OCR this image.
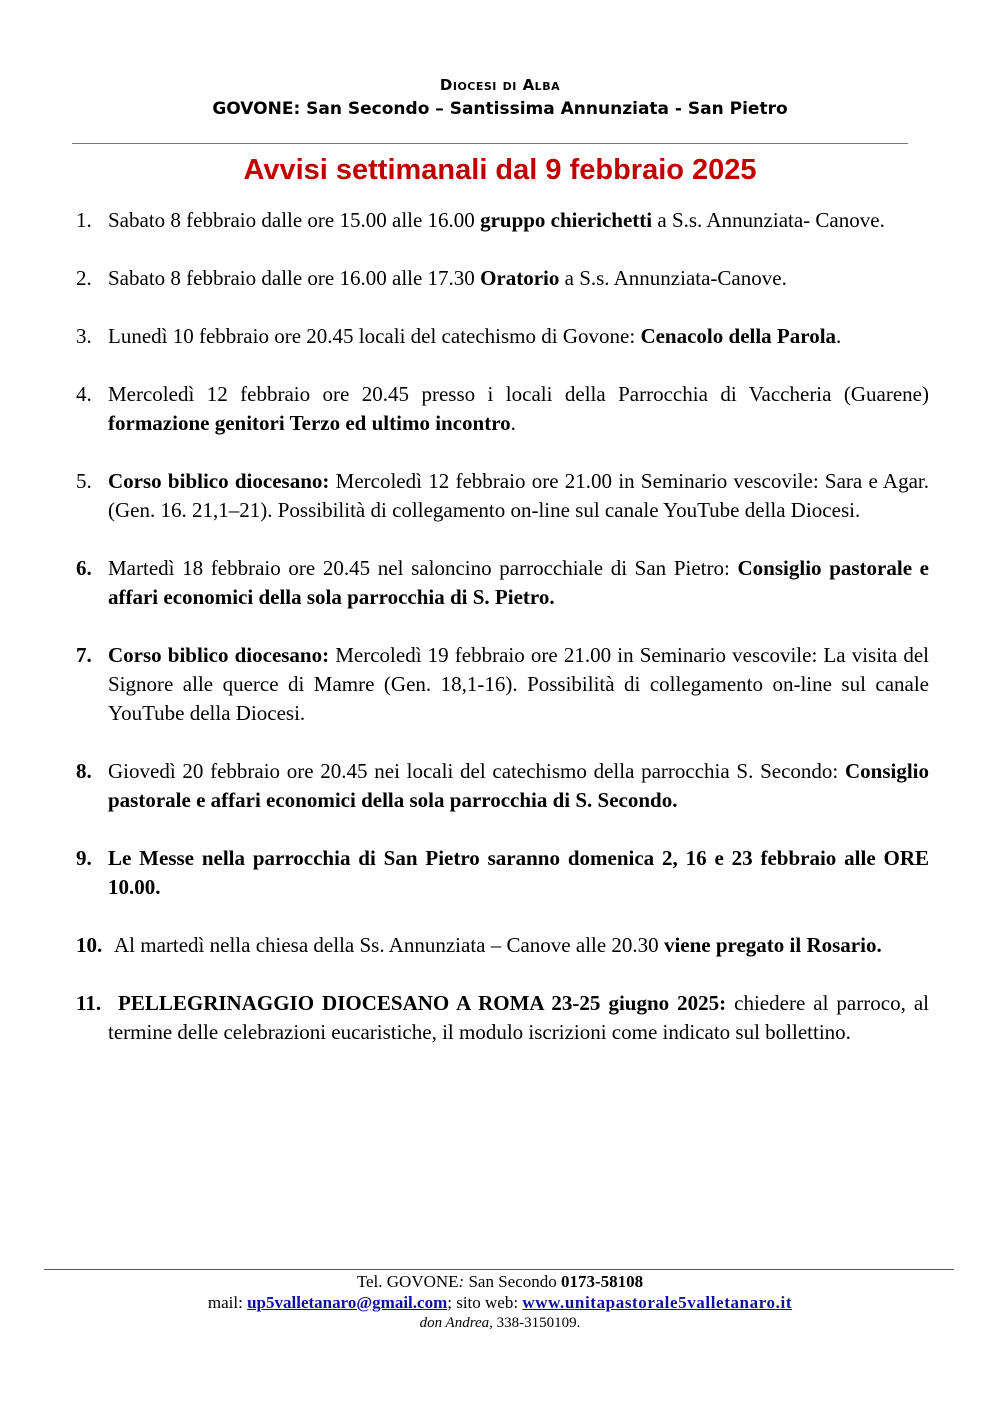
Diocesi di Alba
GOVONE: San Secondo – Santissima Annunziata - San Pietro
Avvisi settimanali dal 9 febbraio 2025
1. Sabato 8 febbraio dalle ore 15.00 alle 16.00 gruppo chierichetti a S.s. Annunziata- Canove.
2. Sabato 8 febbraio dalle ore 16.00 alle 17.30 Oratorio a S.s. Annunziata-Canove.
3. Lunedì 10 febbraio ore 20.45 locali del catechismo di Govone: Cenacolo della Parola.
4. Mercoledì 12 febbraio ore 20.45 presso i locali della Parrocchia di Vaccheria (Guarene) formazione genitori Terzo ed ultimo incontro.
5. Corso biblico diocesano: Mercoledì 12 febbraio ore 21.00 in Seminario vescovile: Sara e Agar. (Gen. 16. 21,1–21). Possibilità di collegamento on-line sul canale YouTube della Diocesi.
6. Martedì 18 febbraio ore 20.45 nel saloncino parrocchiale di San Pietro: Consiglio pastorale e affari economici della sola parrocchia di S. Pietro.
7. Corso biblico diocesano: Mercoledì 19 febbraio ore 21.00 in Seminario vescovile: La visita del Signore alle querce di Mamre (Gen. 18,1-16). Possibilità di collegamento on-line sul canale YouTube della Diocesi.
8. Giovedì 20 febbraio ore 20.45 nei locali del catechismo della parrocchia S. Secondo: Consiglio pastorale e affari economici della sola parrocchia di S. Secondo.
9. Le Messe nella parrocchia di San Pietro saranno domenica 2, 16 e 23 febbraio alle ORE 10.00.
10. Al martedì nella chiesa della Ss. Annunziata – Canove alle 20.30 viene pregato il Rosario.
11. PELLEGRINAGGIO DIOCESANO A ROMA 23-25 giugno 2025: chiedere al parroco, al termine delle celebrazioni eucaristiche, il modulo iscrizioni come indicato sul bollettino.
Tel. GOVONE: San Secondo 0173-58108
mail: up5valletanaro@gmail.com; sito web: www.unitapastorale5valletanaro.it
don Andrea, 338-3150109.
